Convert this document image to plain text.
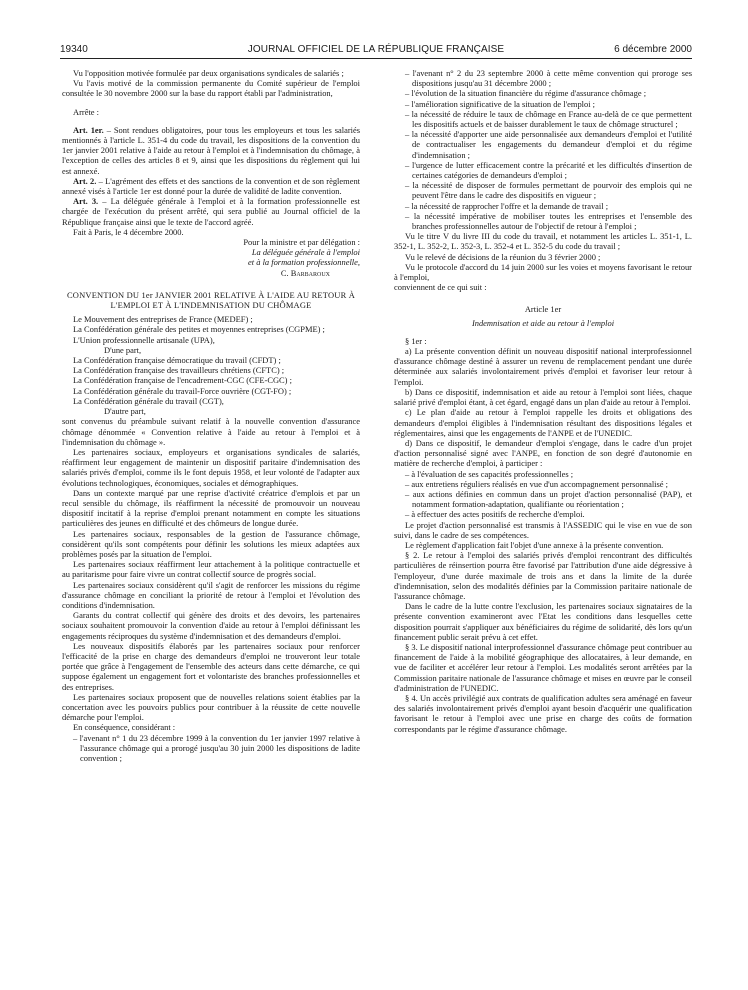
19340	JOURNAL OFFICIEL DE LA RÉPUBLIQUE FRANÇAISE	6 décembre 2000

Vu l'opposition motivée formulée par deux organisations syndicales de salariés ;

Vu l'avis motivé de la commission permanente du Comité supérieur de l'emploi consultée le 30 novembre 2000 sur la base du rapport établi par l'administration,

Arrête :

Art. 1er. – Sont rendues obligatoires, pour tous les employeurs et tous les salariés mentionnés à l'article L. 351-4 du code du travail, les dispositions de la convention du 1er janvier 2001 relative à l'aide au retour à l'emploi et à l'indemnisation du chômage, à l'exception de celles des articles 8 et 9, ainsi que les dispositions du règlement qui lui est annexé.

Art. 2. – L'agrément des effets et des sanctions de la convention et de son règlement annexé visés à l'article 1er est donné pour la durée de validité de ladite convention.

Art. 3. – La déléguée générale à l'emploi et à la formation professionnelle est chargée de l'exécution du présent arrêté, qui sera publié au Journal officiel de la République française ainsi que le texte de l'accord agréé.

Fait à Paris, le 4 décembre 2000.

Pour la ministre et par délégation :

La déléguée générale à l'emploi

et à la formation professionnelle,

C. Barbaroux

CONVENTION DU 1er JANVIER 2001 RELATIVE À L'AIDE AU RETOUR À L'EMPLOI ET À L'INDEMNISATION DU CHÔMAGE

Le Mouvement des entreprises de France (MEDEF) ;

La Confédération générale des petites et moyennes entreprises (CGPME) ;

L'Union professionnelle artisanale (UPA),

D'une part,

La Confédération française démocratique du travail (CFDT) ;

La Confédération française des travailleurs chrétiens (CFTC) ;

La Confédération française de l'encadrement-CGC (CFE-CGC) ;

La Confédération générale du travail-Force ouvrière (CGT-FO) ;

La Confédération générale du travail (CGT),

D'autre part,

sont convenus du préambule suivant relatif à la nouvelle convention d'assurance chômage dénommée « Convention relative à l'aide au retour à l'emploi et à l'indemnisation du chômage ».

Les partenaires sociaux, employeurs et organisations syndicales de salariés, réaffirment leur engagement de maintenir un dispositif paritaire d'indemnisation des salariés privés d'emploi, comme ils le font depuis 1958, et leur volonté de l'adapter aux évolutions technologiques, économiques, sociales et démographiques.

Dans un contexte marqué par une reprise d'activité créatrice d'emplois et par un recul sensible du chômage, ils réaffirment la nécessité de promouvoir un nouveau dispositif incitatif à la reprise d'emploi prenant notamment en compte les situations particulières des jeunes en difficulté et des chômeurs de longue durée.

Les partenaires sociaux, responsables de la gestion de l'assurance chômage, considèrent qu'ils sont compétents pour définir les solutions les mieux adaptées aux problèmes posés par la situation de l'emploi.

Les partenaires sociaux réaffirment leur attachement à la politique contractuelle et au paritarisme pour faire vivre un contrat collectif source de progrès social.

Les partenaires sociaux considèrent qu'il s'agit de renforcer les missions du régime d'assurance chômage en conciliant la priorité de retour à l'emploi et l'évolution des conditions d'indemnisation.

Garants du contrat collectif qui génère des droits et des devoirs, les partenaires sociaux souhaitent promouvoir la convention d'aide au retour à l'emploi définissant les engagements réciproques du système d'indemnisation et des demandeurs d'emploi.

Les nouveaux dispositifs élaborés par les partenaires sociaux pour renforcer l'efficacité de la prise en charge des demandeurs d'emploi ne trouveront leur totale portée que grâce à l'engagement de l'ensemble des acteurs dans cette démarche, ce qui suppose également un engagement fort et volontariste des branches professionnelles et des entreprises.

Les partenaires sociaux proposent que de nouvelles relations soient établies par la concertation avec les pouvoirs publics pour contribuer à la réussite de cette nouvelle démarche pour l'emploi.

En conséquence, considérant :

– l'avenant n° 1 du 23 décembre 1999 à la convention du 1er janvier 1997 relative à l'assurance chômage qui a prorogé jusqu'au 30 juin 2000 les dispositions de ladite convention ;

– l'avenant n° 2 du 23 septembre 2000 à cette même convention qui proroge ses dispositions jusqu'au 31 décembre 2000 ;

– l'évolution de la situation financière du régime d'assurance chômage ;

– l'amélioration significative de la situation de l'emploi ;

– la nécessité de réduire le taux de chômage en France au-delà de ce que permettent les dispositifs actuels et de baisser durablement le taux de chômage structurel ;

– la nécessité d'apporter une aide personnalisée aux demandeurs d'emploi et l'utilité de contractualiser les engagements du demandeur d'emploi et du régime d'indemnisation ;

– l'urgence de lutter efficacement contre la précarité et les difficultés d'insertion de certaines catégories de demandeurs d'emploi ;

– la nécessité de disposer de formules permettant de pourvoir des emplois qui ne peuvent l'être dans le cadre des dispositifs en vigueur ;

– la nécessité de rapprocher l'offre et la demande de travail ;

– la nécessité impérative de mobiliser toutes les entreprises et l'ensemble des branches professionnelles autour de l'objectif de retour à l'emploi ;

Vu le titre V du livre III du code du travail, et notamment les articles L. 351-1, L. 352-1, L. 352-2, L. 352-3, L. 352-4 et L. 352-5 du code du travail ;

Vu le relevé de décisions de la réunion du 3 février 2000 ;

Vu le protocole d'accord du 14 juin 2000 sur les voies et moyens favorisant le retour à l'emploi,

conviennent de ce qui suit :

Article 1er

Indemnisation et aide au retour à l'emploi

§ 1er :

a) La présente convention définit un nouveau dispositif national interprofessionnel d'assurance chômage destiné à assurer un revenu de remplacement pendant une durée déterminée aux salariés involontairement privés d'emploi et favoriser leur retour à l'emploi.

b) Dans ce dispositif, indemnisation et aide au retour à l'emploi sont liées, chaque salarié privé d'emploi étant, à cet égard, engagé dans un plan d'aide au retour à l'emploi.

c) Le plan d'aide au retour à l'emploi rappelle les droits et obligations des demandeurs d'emploi éligibles à l'indemnisation résultant des dispositions légales et réglementaires, ainsi que les engagements de l'ANPE et de l'UNEDIC.

d) Dans ce dispositif, le demandeur d'emploi s'engage, dans le cadre d'un projet d'action personnalisé signé avec l'ANPE, en fonction de son degré d'autonomie en matière de recherche d'emploi, à participer :

– à l'évaluation de ses capacités professionnelles ;

– aux entretiens réguliers réalisés en vue d'un accompagnement personnalisé ;

– aux actions définies en commun dans un projet d'action personnalisé (PAP), et notamment formation-adaptation, qualifiante ou réorientation ;

– à effectuer des actes positifs de recherche d'emploi.

Le projet d'action personnalisé est transmis à l'ASSEDIC qui le vise en vue de son suivi, dans le cadre de ses compétences.

Le règlement d'application fait l'objet d'une annexe à la présente convention.

§ 2. Le retour à l'emploi des salariés privés d'emploi rencontrant des difficultés particulières de réinsertion pourra être favorisé par l'attribution d'une aide dégressive à l'employeur, d'une durée maximale de trois ans et dans la limite de la durée d'indemnisation, selon des modalités définies par la Commission paritaire nationale de l'assurance chômage.

Dans le cadre de la lutte contre l'exclusion, les partenaires sociaux signataires de la présente convention examineront avec l'Etat les conditions dans lesquelles cette disposition pourrait s'appliquer aux bénéficiaires du régime de solidarité, dès lors qu'un financement public serait prévu à cet effet.

§ 3. Le dispositif national interprofessionnel d'assurance chômage peut contribuer au financement de l'aide à la mobilité géographique des allocataires, à leur demande, en vue de faciliter et accélérer leur retour à l'emploi. Les modalités seront arrêtées par la Commission paritaire nationale de l'assurance chômage et mises en œuvre par le conseil d'administration de l'UNEDIC.

§ 4. Un accès privilégié aux contrats de qualification adultes sera aménagé en faveur des salariés involontairement privés d'emploi ayant besoin d'acquérir une qualification favorisant le retour à l'emploi avec une prise en charge des coûts de formation correspondants par le régime d'assurance chômage.
